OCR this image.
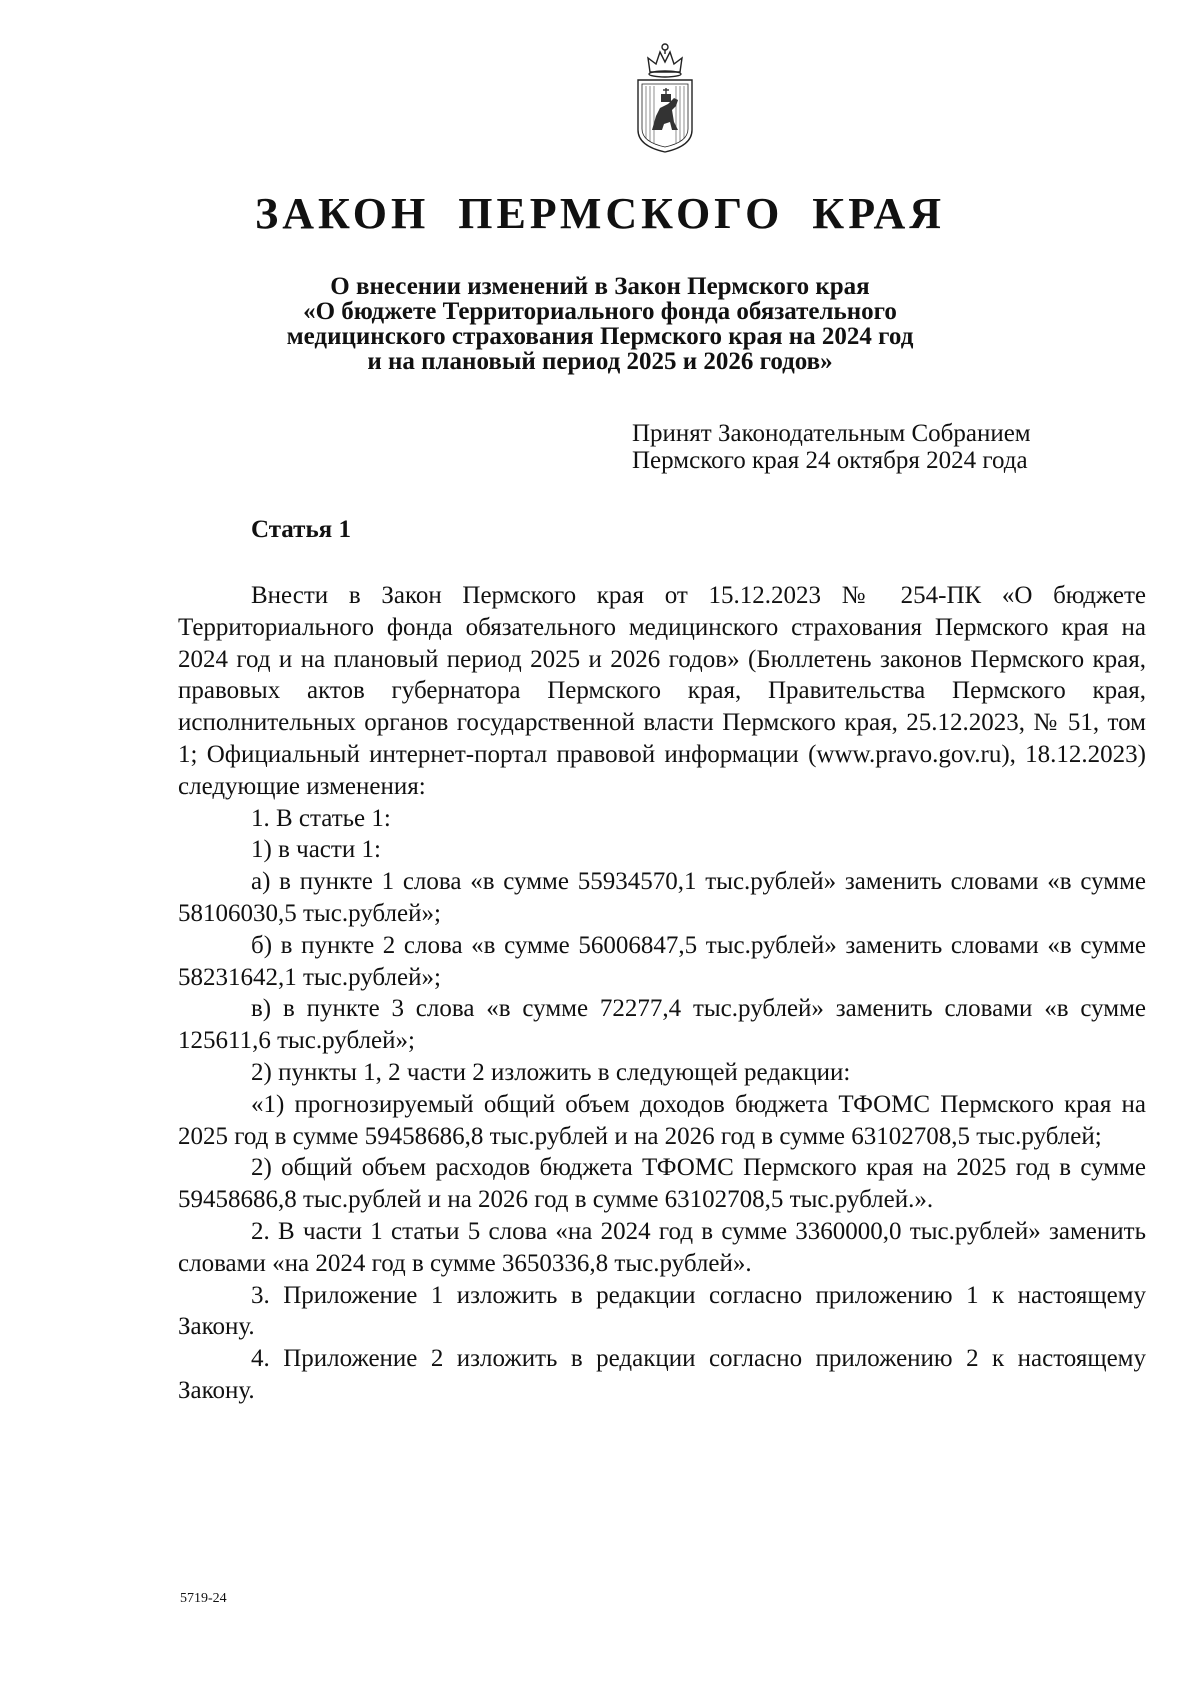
ЗАКОН ПЕРМСКОГО КРАЯ
О внесении изменений в Закон Пермского края
«О бюджете Территориального фонда обязательного
медицинского страхования Пермского края на 2024 год
и на плановый период 2025 и 2026 годов»
Принят Законодательным Собранием
Пермского края 24 октября 2024 года
Статья 1

Внести в Закон Пермского края от 15.12.2023 № 254-ПК «О бюджете Территориального фонда обязательного медицинского страхования Пермского края на 2024 год и на плановый период 2025 и 2026 годов» (Бюллетень законов Пермского края, правовых актов губернатора Пермского края, Правительства Пермского края, исполнительных органов государственной власти Пермского края, 25.12.2023, № 51, том 1; Официальный интернет-портал правовой информации (www.pravo.gov.ru), 18.12.2023) следующие изменения:

1. В статье 1:

1) в части 1:

а) в пункте 1 слова «в сумме 55934570,1 тыс.рублей» заменить словами «в сумме 58106030,5 тыс.рублей»;

б) в пункте 2 слова «в сумме 56006847,5 тыс.рублей» заменить словами «в сумме 58231642,1 тыс.рублей»;

в) в пункте 3 слова «в сумме 72277,4 тыс.рублей» заменить словами «в сумме 125611,6 тыс.рублей»;

2) пункты 1, 2 части 2 изложить в следующей редакции:

«1) прогнозируемый общий объем доходов бюджета ТФОМС Пермского края на 2025 год в сумме 59458686,8 тыс.рублей и на 2026 год в сумме 63102708,5 тыс.рублей;

2) общий объем расходов бюджета ТФОМС Пермского края на 2025 год в сумме 59458686,8 тыс.рублей и на 2026 год в сумме 63102708,5 тыс.рублей.».

2. В части 1 статьи 5 слова «на 2024 год в сумме 3360000,0 тыс.рублей» заменить словами «на 2024 год в сумме 3650336,8 тыс.рублей».

3. Приложение 1 изложить в редакции согласно приложению 1 к настоящему Закону.

4. Приложение 2 изложить в редакции согласно приложению 2 к настоящему Закону.

5719-24
